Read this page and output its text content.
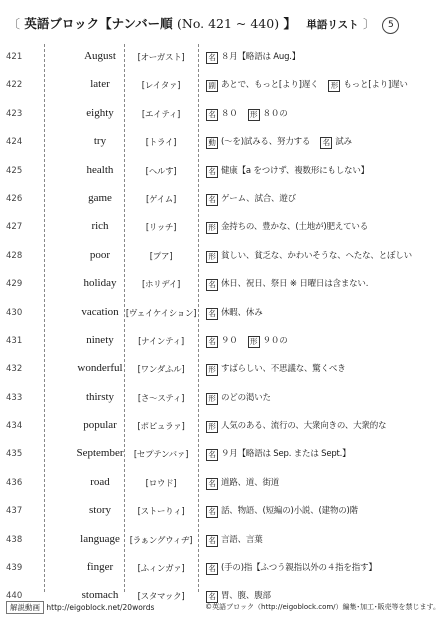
〔 英語ブロック【ナンバー順 (No. 421 ~ 440) 】 単語リスト 〕 5
421	August	[オーガスト]	名 ８月【略語は Aug.】
422	later	[レイタァ]	副 あとで、もっと[より]遅く 形 もっと[より]遅い
423	eighty	[エイティ]	名 ８０ 形 ８０の
424	try	[トライ]	動 (～を)試みる、努力する 名 試み
425	health	[ヘルす]	名 健康【a をつけず、複数形にもしない】
426	game	[ゲイム]	名 ゲーム、試合、遊び
427	rich	[リッチ]	形 金持ちの、豊かな、(土地が)肥えている
428	poor	[プア]	形 貧しい、貧乏な、かわいそうな、へたな、とぼしい
429	holiday	[ホリデイ]	名 休日、祝日、祭日 ※ 日曜日は含まない.
430	vacation [ヴェイケイション]	名 休暇、休み
431	ninety	[ナインティ]	名 ９０ 形 ９０の
432	wonderful	[ワンダふル]	形 すばらしい、不思議な、驚くべき
433	thirsty	[さ～スティ]	形 のどの渇いた
434	popular	[ポピュラァ]	形 人気のある、流行の、大衆向きの、大衆的な
435	September	[セプテンバァ]	名 ９月【略語は Sep. または Sept.】
436	road	[ロウド]	名 道路、道、街道
437	story	[ストーりィ]	名 話、物語、(短編の)小説、(建物の)階
438	language	[ラぁングウィヂ]	名 言語、言葉
439	finger	[ふィンガァ]	名 (手の)指【ふつう親指以外の４指を指す】
440	stomach	[スタマック]	名 胃、腹、腹部
解説動画 http://eigoblock.net/20words	©英語ブロック（http://eigoblock.com/）編集･加工･販売等を禁じます。
